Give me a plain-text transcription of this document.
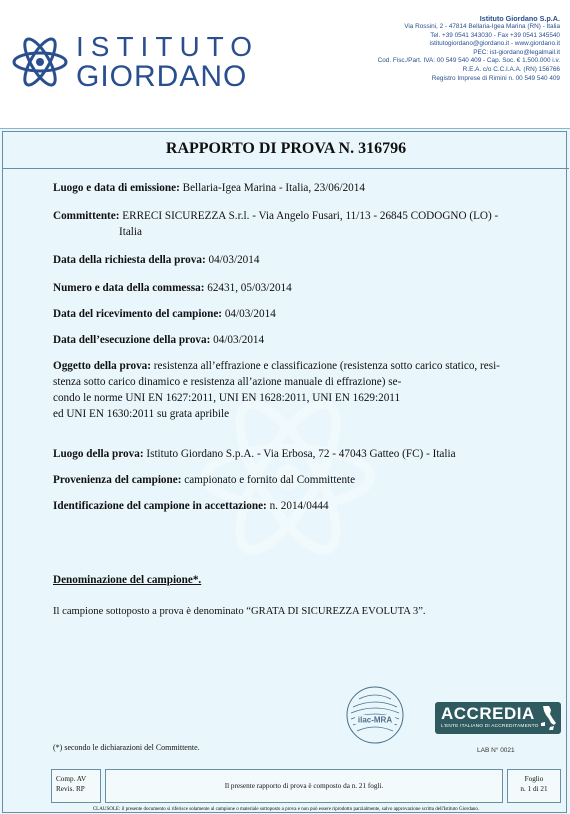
ISTITUTO
GIORDANO
Istituto Giordano S.p.A.
Via Rossini, 2 - 47814 Bellaria-Igea Marina (RN) - Italia
Tel. +39 0541 343030 - Fax +39 0541 345540
istitutogiordano@giordano.it - www.giordano.it
PEC: ist-giordano@legalmail.it
Cod. Fisc./Part. IVA: 00 549 540 409 - Cap. Soc. € 1.500.000 i.v.
R.E.A. c/o C.C.I.A.A. (RN) 156766
Registro Imprese di Rimini n. 00 549 540 409
RAPPORTO DI PROVA N. 316796
Luogo e data di emissione: Bellaria-Igea Marina - Italia, 23/06/2014
Committente: ERRECI SICUREZZA S.r.l. - Via Angelo Fusari, 11/13 - 26845 CODOGNO (LO) -
Italia
Data della richiesta della prova: 04/03/2014
Numero e data della commessa: 62431, 05/03/2014
Data del ricevimento del campione: 04/03/2014
Data dell’esecuzione della prova: 04/03/2014
Oggetto della prova: resistenza all’effrazione e classificazione (resistenza sotto carico statico, resi-
stenza sotto carico dinamico e resistenza all’azione manuale di effrazione) se-
condo le norme UNI EN 1627:2011, UNI EN 1628:2011, UNI EN 1629:2011
ed UNI EN 1630:2011 su grata apribile
Luogo della prova: Istituto Giordano S.p.A. - Via Erbosa, 72 - 47043 Gatteo (FC) - Italia
Provenienza del campione: campionato e fornito dal Committente
Identificazione del campione in accettazione: n. 2014/0444
Denominazione del campione*.
Il campione sottoposto a prova è denominato “GRATA DI SICUREZZA EVOLUTA 3”.
ilac-MRA	ACCREDIA
L'ENTE ITALIANO DI ACCREDITAMENTO
LAB N° 0021
(*) secondo le dichiarazioni del Committente.
Comp. AV
Revis. RP	Il presente rapporto di prova è composto da n. 21 fogli.
Foglio
n. 1 di 21
CLAUSOLE: il presente documento si riferisce solamente al campione o materiale sottoposto a prova e non può essere riprodotto parzialmente, salvo approvazione scritta dell'Istituto Giordano.
